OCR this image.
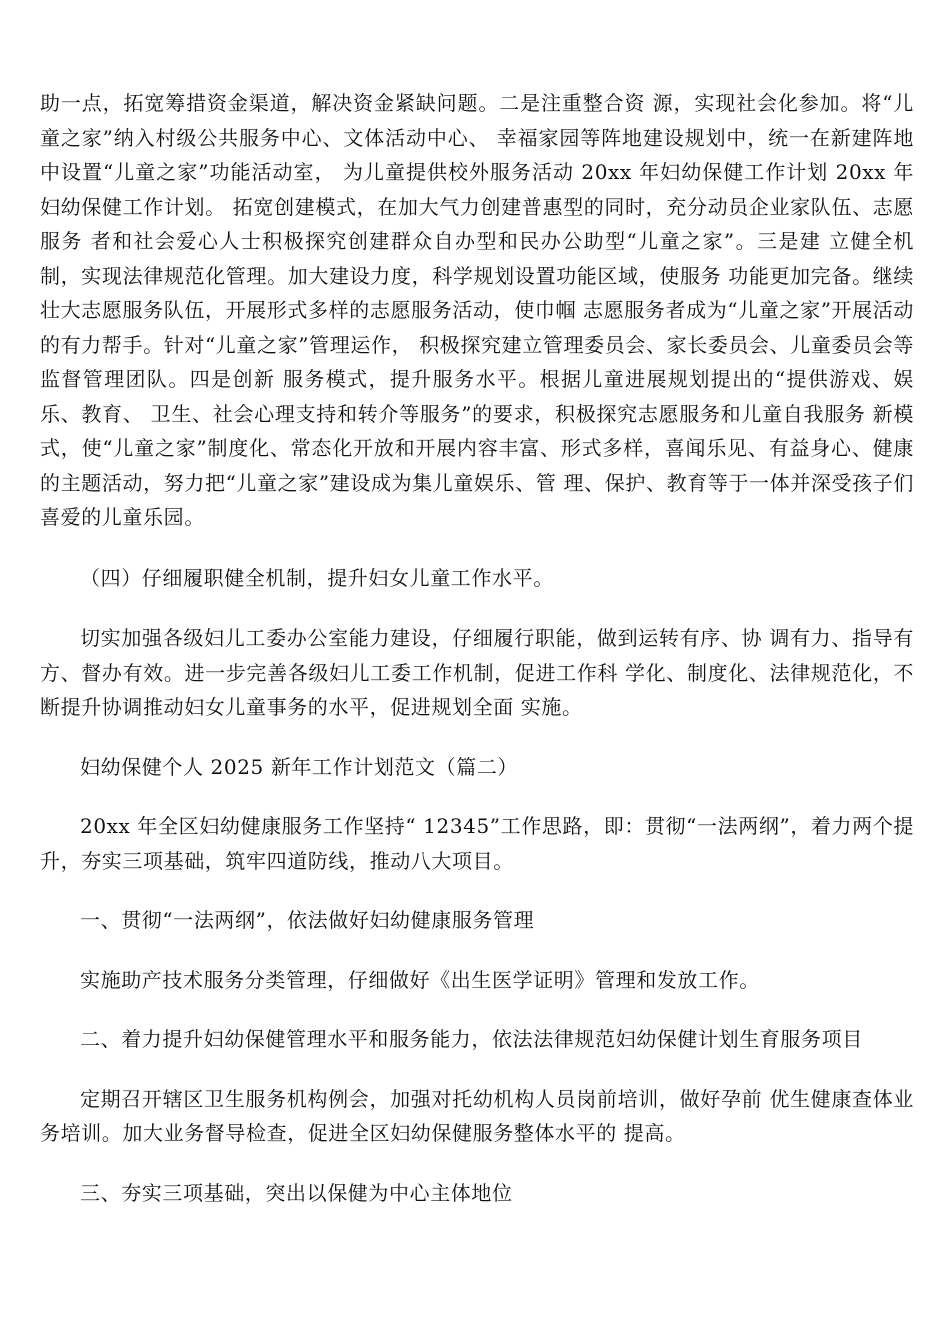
助一点，拓宽筹措资金渠道，解决资金紧缺问题。二是注重整合资 源，实现社会化参加。将“儿童之家”纳入村级公共服务中心、文体活动中心、 幸福家园等阵地建设规划中，统一在新建阵地中设置“儿童之家”功能活动室， 为儿童提供校外服务活动 20xx 年妇幼保健工作计划 20xx 年妇幼保健工作计划。 拓宽创建模式，在加大气力创建普惠型的同时，充分动员企业家队伍、志愿服务 者和社会爱心人士积极探究创建群众自办型和民办公助型“儿童之家”。三是建 立健全机制，实现法律规范化管理。加大建设力度，科学规划设置功能区域，使服务 功能更加完备。继续壮大志愿服务队伍，开展形式多样的志愿服务活动，使巾帼 志愿服务者成为“儿童之家”开展活动的有力帮手。针对“儿童之家”管理运作， 积极探究建立管理委员会、家长委员会、儿童委员会等监督管理团队。四是创新 服务模式，提升服务水平。根据儿童进展规划提出的“提供游戏、娱乐、教育、 卫生、社会心理支持和转介等服务”的要求，积极探究志愿服务和儿童自我服务 新模式，使“儿童之家”制度化、常态化开放和开展内容丰富、形式多样，喜闻乐见、有益身心、健康的主题活动，努力把“儿童之家”建设成为集儿童娱乐、管 理、保护、教育等于一体并深受孩子们喜爱的儿童乐园。

（四）仔细履职健全机制，提升妇女儿童工作水平。

切实加强各级妇儿工委办公室能力建设，仔细履行职能，做到运转有序、协 调有力、指导有方、督办有效。进一步完善各级妇儿工委工作机制，促进工作科 学化、制度化、法律规范化，不断提升协调推动妇女儿童事务的水平，促进规划全面 实施。

妇幼保健个人 2025 新年工作计划范文（篇二）

20xx 年全区妇幼健康服务工作坚持“ 12345”工作思路，即：贯彻“一法两纲”，着力两个提升，夯实三项基础，筑牢四道防线，推动八大项目。

一、贯彻“一法两纲”，依法做好妇幼健康服务管理

实施助产技术服务分类管理，仔细做好《出生医学证明》管理和发放工作。

二、着力提升妇幼保健管理水平和服务能力，依法法律规范妇幼保健计划生育服务项目

定期召开辖区卫生服务机构例会，加强对托幼机构人员岗前培训，做好孕前 优生健康查体业务培训。加大业务督导检查，促进全区妇幼保健服务整体水平的 提高。

三、夯实三项基础，突出以保健为中心主体地位
